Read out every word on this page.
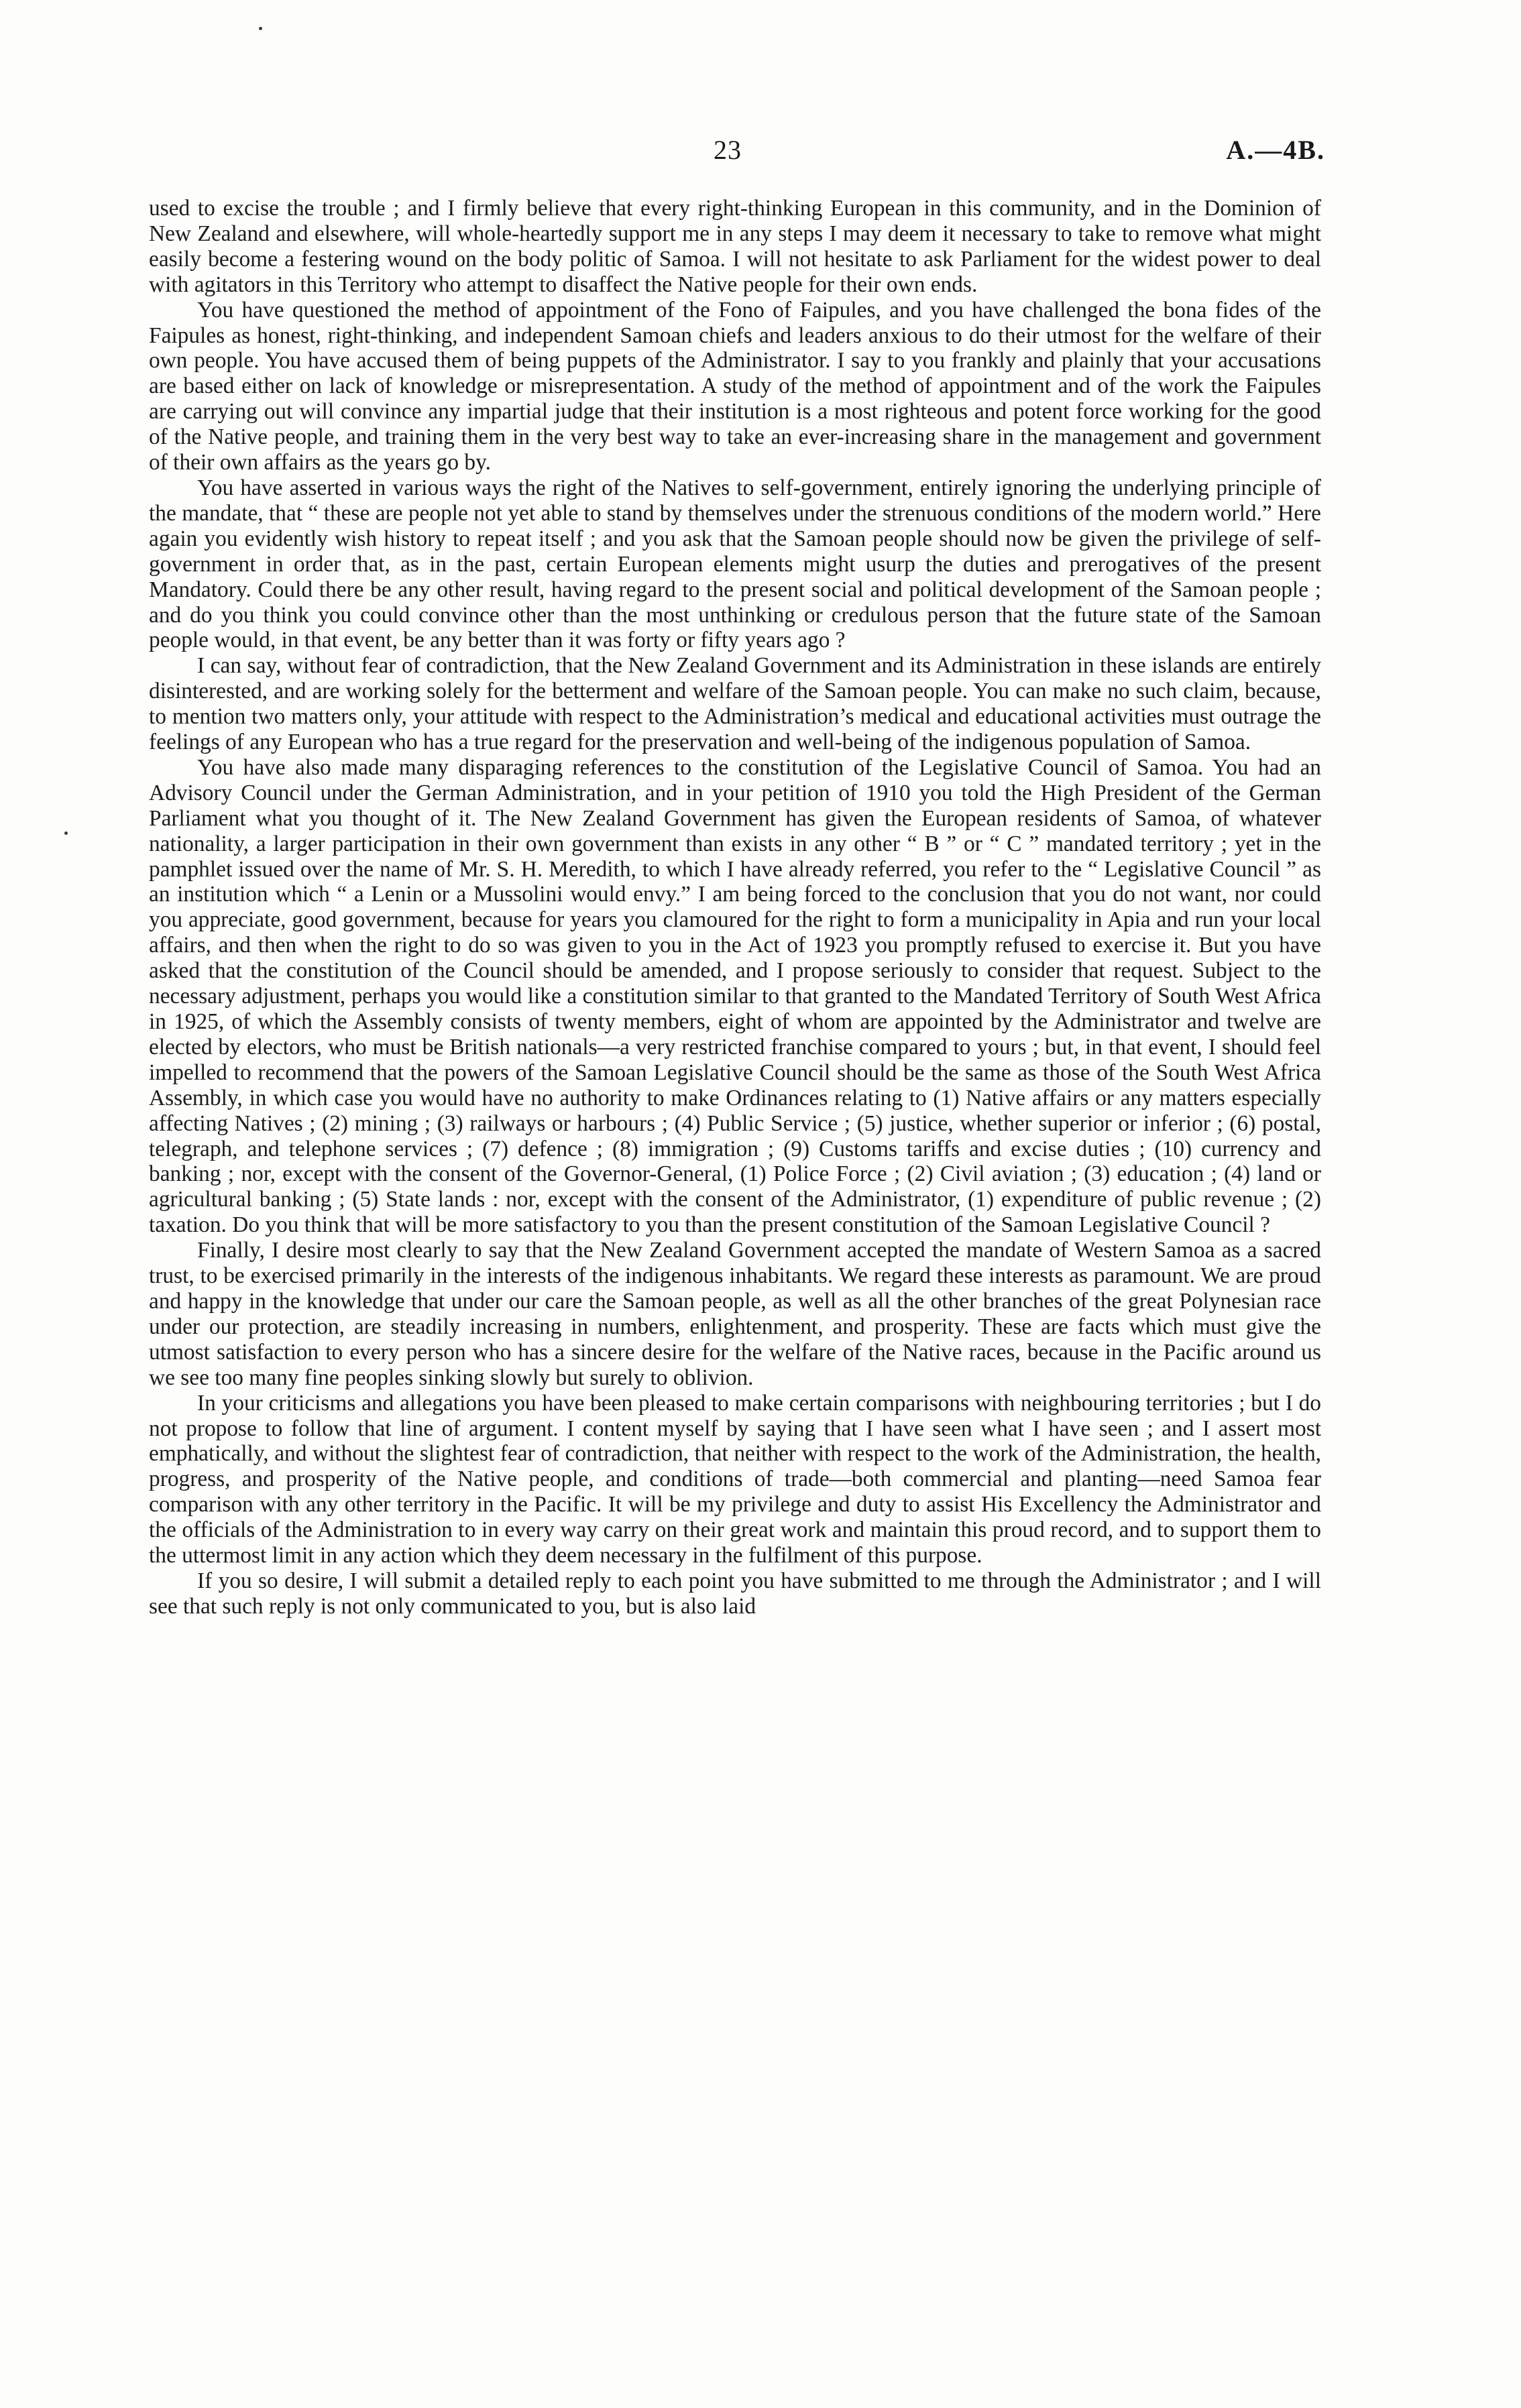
23	A.—4B.

used to excise the trouble ; and I firmly believe that every right-thinking European in this community, and in the Dominion of New Zealand and elsewhere, will whole-heartedly support me in any steps I may deem it necessary to take to remove what might easily become a festering wound on the body politic of Samoa. I will not hesitate to ask Parliament for the widest power to deal with agitators in this Territory who attempt to disaffect the Native people for their own ends.

You have questioned the method of appointment of the Fono of Faipules, and you have challenged the bona fides of the Faipules as honest, right-thinking, and independent Samoan chiefs and leaders anxious to do their utmost for the welfare of their own people. You have accused them of being puppets of the Administrator. I say to you frankly and plainly that your accusations are based either on lack of knowledge or misrepresentation. A study of the method of appointment and of the work the Faipules are carrying out will convince any impartial judge that their institution is a most righteous and potent force working for the good of the Native people, and training them in the very best way to take an ever-increasing share in the management and government of their own affairs as the years go by.

You have asserted in various ways the right of the Natives to self-government, entirely ignoring the underlying principle of the mandate, that “ these are people not yet able to stand by themselves under the strenuous conditions of the modern world.” Here again you evidently wish history to repeat itself ; and you ask that the Samoan people should now be given the privilege of self-government in order that, as in the past, certain European elements might usurp the duties and prerogatives of the present Mandatory. Could there be any other result, having regard to the present social and political development of the Samoan people ; and do you think you could convince other than the most unthinking or credulous person that the future state of the Samoan people would, in that event, be any better than it was forty or fifty years ago ?

I can say, without fear of contradiction, that the New Zealand Government and its Administration in these islands are entirely disinterested, and are working solely for the betterment and welfare of the Samoan people. You can make no such claim, because, to mention two matters only, your attitude with respect to the Administration’s medical and educational activities must outrage the feelings of any European who has a true regard for the preservation and well-being of the indigenous population of Samoa.

You have also made many disparaging references to the constitution of the Legislative Council of Samoa. You had an Advisory Council under the German Administration, and in your petition of 1910 you told the High President of the German Parliament what you thought of it. The New Zealand Government has given the European residents of Samoa, of whatever nationality, a larger participation in their own government than exists in any other “ B ” or “ C ” mandated territory ; yet in the pamphlet issued over the name of Mr. S. H. Meredith, to which I have already referred, you refer to the “ Legislative Council ” as an institution which “ a Lenin or a Mussolini would envy.” I am being forced to the conclusion that you do not want, nor could you appreciate, good government, because for years you clamoured for the right to form a municipality in Apia and run your local affairs, and then when the right to do so was given to you in the Act of 1923 you promptly refused to exercise it. But you have asked that the constitution of the Council should be amended, and I propose seriously to consider that request. Subject to the necessary adjustment, perhaps you would like a constitution similar to that granted to the Mandated Territory of South West Africa in 1925, of which the Assembly consists of twenty members, eight of whom are appointed by the Administrator and twelve are elected by electors, who must be British nationals—a very restricted franchise compared to yours ; but, in that event, I should feel impelled to recommend that the powers of the Samoan Legislative Council should be the same as those of the South West Africa Assembly, in which case you would have no authority to make Ordinances relating to (1) Native affairs or any matters especially affecting Natives ; (2) mining ; (3) railways or harbours ; (4) Public Service ; (5) justice, whether superior or inferior ; (6) postal, telegraph, and telephone services ; (7) defence ; (8) immigration ; (9) Customs tariffs and excise duties ; (10) currency and banking ; nor, except with the consent of the Governor-General, (1) Police Force ; (2) Civil aviation ; (3) education ; (4) land or agricultural banking ; (5) State lands : nor, except with the consent of the Administrator, (1) expenditure of public revenue ; (2) taxation. Do you think that will be more satisfactory to you than the present constitution of the Samoan Legislative Council ?

Finally, I desire most clearly to say that the New Zealand Government accepted the mandate of Western Samoa as a sacred trust, to be exercised primarily in the interests of the indigenous inhabitants. We regard these interests as paramount. We are proud and happy in the knowledge that under our care the Samoan people, as well as all the other branches of the great Polynesian race under our protection, are steadily increasing in numbers, enlightenment, and prosperity. These are facts which must give the utmost satisfaction to every person who has a sincere desire for the welfare of the Native races, because in the Pacific around us we see too many fine peoples sinking slowly but surely to oblivion.

In your criticisms and allegations you have been pleased to make certain comparisons with neighbouring territories ; but I do not propose to follow that line of argument. I content myself by saying that I have seen what I have seen ; and I assert most emphatically, and without the slightest fear of contradiction, that neither with respect to the work of the Administration, the health, progress, and prosperity of the Native people, and conditions of trade—both commercial and planting—need Samoa fear comparison with any other territory in the Pacific. It will be my privilege and duty to assist His Excellency the Administrator and the officials of the Administration to in every way carry on their great work and maintain this proud record, and to support them to the uttermost limit in any action which they deem necessary in the fulfilment of this purpose.

If you so desire, I will submit a detailed reply to each point you have submitted to me through the Administrator ; and I will see that such reply is not only communicated to you, but is also laid
